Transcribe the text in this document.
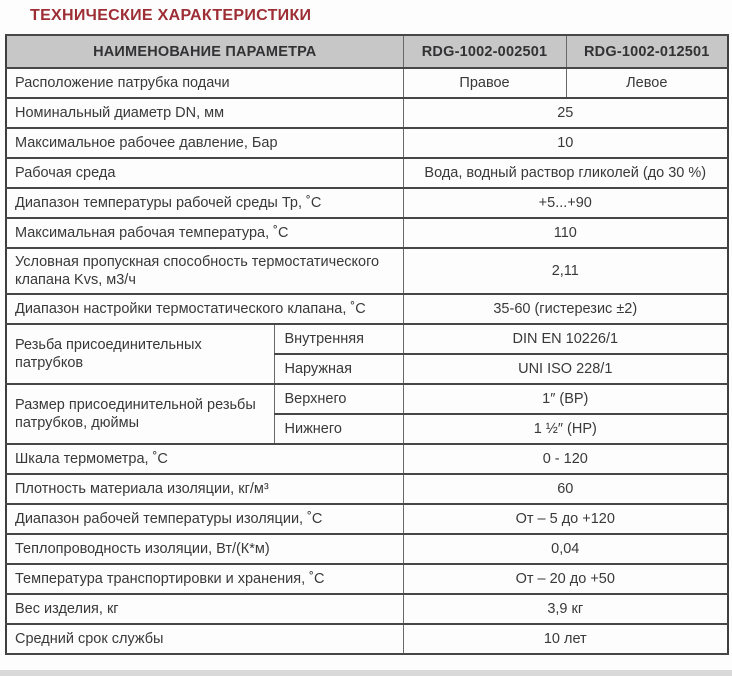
ТЕХНИЧЕСКИЕ ХАРАКТЕРИСТИКИ
НАИМЕНОВАНИЕ ПАРАМЕТРА		RDG-1002-002501	RDG-1002-012501
Расположение патрубка подачи		Правое	Левое
Номинальный диаметр DN, мм		25	
Максимальное рабочее давление, Бар		10	
Рабочая среда		Вода, водный раствор гликолей (до 30 %)	
Диапазон температуры рабочей среды Тр, ˚С		+5...+90	
Максимальная рабочая температура, ˚С		110	
Условная пропускная способность термостатического клапана Kvs, м3/ч		2,11	
Диапазон настройки термостатического клапана, ˚С		35-60 (гистерезис ±2)	
Резьба присоединительных патрубков	Внутренняя	DIN EN 10226/1	
	Наружная	UNI ISO 228/1	
Размер присоединительной резьбы патрубков, дюймы	Верхнего	1″ (ВР)	
	Нижнего	1 ½″ (НР)	
Шкала термометра, ˚С		0 - 120	
Плотность материала изоляции, кг/м³		60	
Диапазон рабочей температуры изоляции, ˚С		От – 5 до +120	
Теплопроводность изоляции, Вт/(К*м)		0,04	
Температура транспортировки и хранения, ˚С		От – 20 до +50	
Вес изделия, кг		3,9 кг	
Средний срок службы		10 лет	
